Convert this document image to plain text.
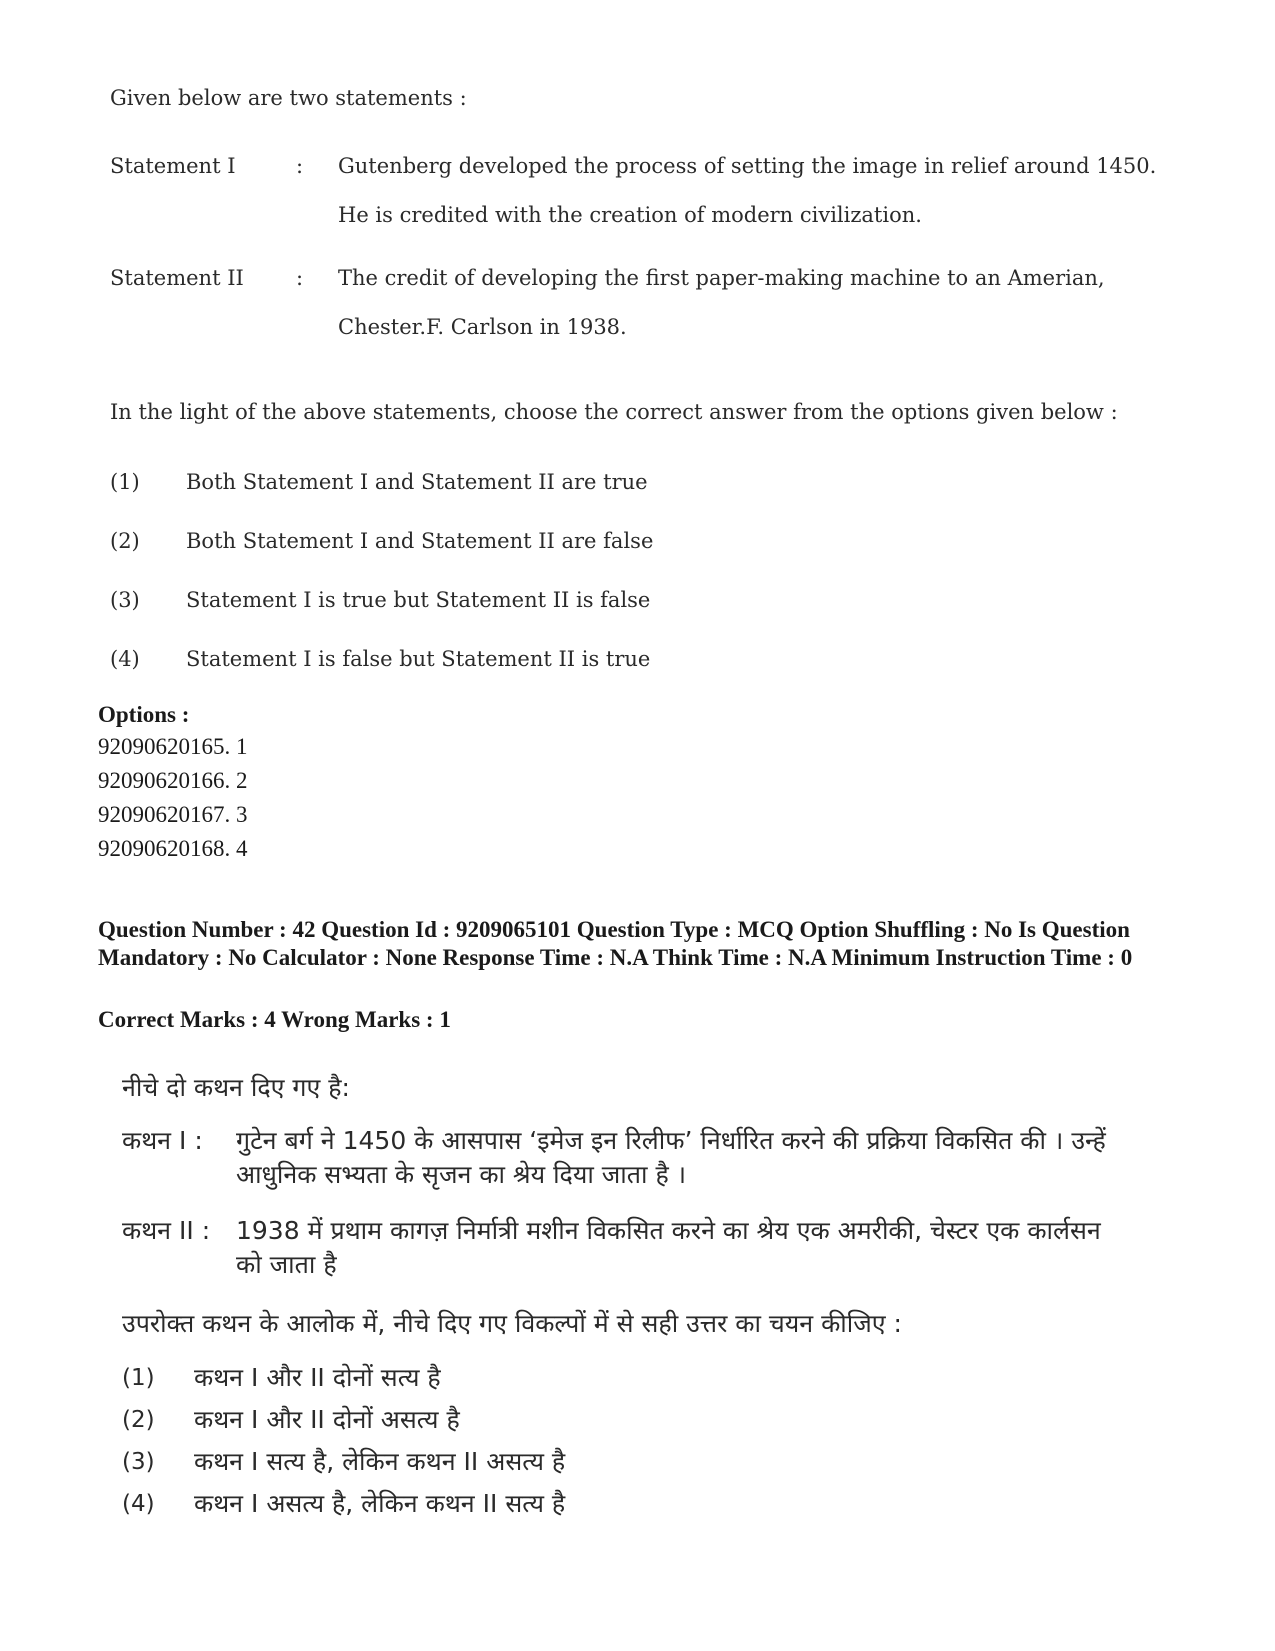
Given below are two statements :

Statement I	:	Gutenberg developed the process of setting the image in relief around 1450. He is credited with the creation of modern civilization.
Statement II	:	The credit of developing the first paper-making machine to an Amerian, Chester.F. Carlson in 1938.
In the light of the above statements, choose the correct answer from the options given below :
(1)	Both Statement I and Statement II are true
(2)	Both Statement I and Statement II are false
(3)	Statement I is true but Statement II is false
(4)	Statement I is false but Statement II is true

Options :

92090620165. 1
92090620166. 2
92090620167. 3
92090620168. 4
Question Number : 42 Question Id : 9209065101 Question Type : MCQ Option Shuffling : No Is Question Mandatory : No Calculator : None Response Time : N.A Think Time : N.A Minimum Instruction Time : 0
Correct Marks : 4 Wrong Marks : 1
नीचे दो कथन दिए गए है:
कथन I :	गुटेन बर्ग ने 1450 के आसपास ‘इमेज इन रिलीफ’ निर्धारित करने की प्रक्रिया विकसित की । उन्हें आधुनिक सभ्यता के सृजन का श्रेय दिया जाता है ।
कथन II :	1938 में प्रथाम कागज़ निर्मात्री मशीन विकसित करने का श्रेय एक अमरीकी, चेस्टर एक कार्लसन को जाता है
उपरोक्त कथन के आलोक में, नीचे दिए गए विकल्पों में से सही उत्तर का चयन कीजिए :
(1)	कथन I और II दोनों सत्य है
(2)	कथन I और II दोनों असत्य है
(3)	कथन I सत्य है, लेकिन कथन II असत्य है
(4)	कथन I असत्य है, लेकिन कथन II सत्य है
